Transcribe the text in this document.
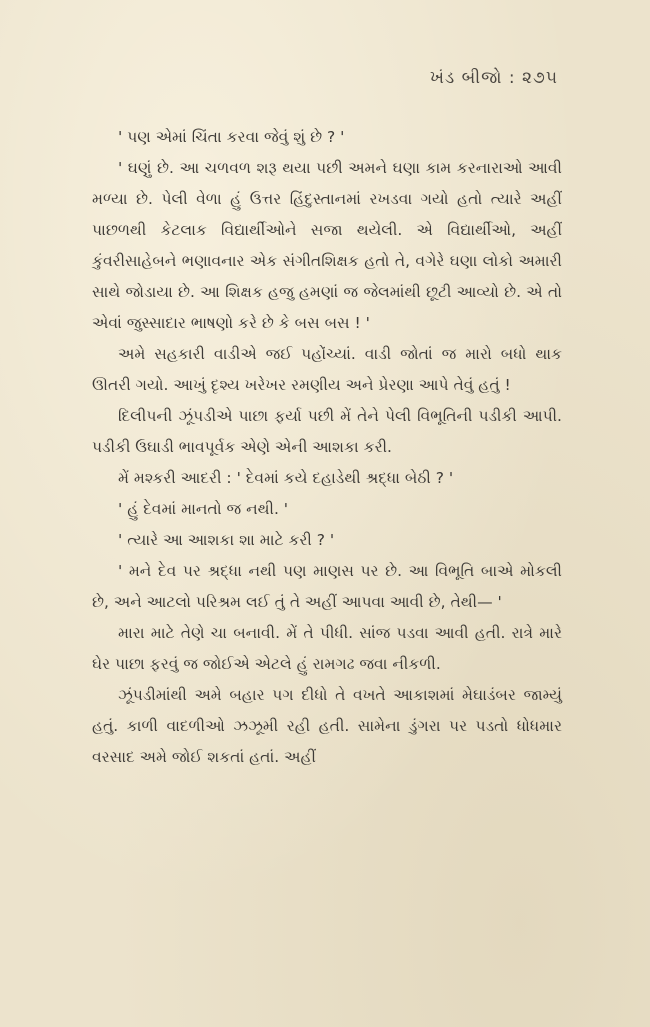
ખંડ બીજો : ૨૭૫

' પણ એમાં ચિંતા કરવા જેવું શું છે ? '

' ઘણું છે. આ ચળવળ શરૂ થયા પછી અમને ઘણા કામ કરનારાઓ આવી મળ્યા છે. પેલી વેળા હું ઉત્તર હિંદુસ્તાનમાં રખડવા ગયો હતો ત્યારે અહીં પાછળથી કેટલાક વિદ્યાર્થીઓને સજા થયેલી. એ વિદ્યાર્થીઓ, અહીં કુંવરીસાહેબને ભણાવનાર એક સંગીતશિક્ષક હતો તે, વગેરે ઘણા લોકો અમારી સાથે જોડાયા છે. આ શિક્ષક હજુ હમણાં જ જેલમાંથી છૂટી આવ્યો છે. એ તો એવાં જુસ્સાદાર ભાષણો કરે છે કે બસ બસ ! '

અમે સહકારી વાડીએ જઈ પહોંચ્યાં. વાડી જોતાં જ મારો બધો થાક ઊતરી ગયો. આખું દૃશ્ય ખરેખર રમણીય અને પ્રેરણા આપે તેવું હતું !

દિલીપની ઝૂંપડીએ પાછા ફર્યા પછી મેં તેને પેલી વિભૂતિની પડીકી આપી. પડીકી ઉઘાડી ભાવપૂર્વક એણે એની આશકા કરી.

મેં મશ્કરી આદરી : ' દેવમાં કયે દહાડેથી શ્રદ્ધા બેઠી ? '

' હું દેવમાં માનતો જ નથી. '

' ત્યારે આ આશકા શા માટે કરી ? '

' મને દેવ પર શ્રદ્ધા નથી પણ માણસ પર છે. આ વિભૂતિ બાએ મોકલી છે, અને આટલો પરિશ્રમ લઈ તું તે અહીં આપવા આવી છે, તેથી— '

મારા માટે તેણે ચા બનાવી. મેં તે પીધી. સાંજ પડવા આવી હતી. રાત્રે મારે ઘેર પાછા ફરવું જ જોઈએ એટલે હું રામગઢ જવા નીકળી.

ઝૂંપડીમાંથી અમે બહાર પગ દીધો તે વખતે આકાશમાં મેઘાડંબર જામ્યું હતું. કાળી વાદળીઓ ઝઝૂમી રહી હતી. સામેના ડુંગરા પર પડતો ધોધમાર વરસાદ અમે જોઈ શકતાં હતાં. અહીં
